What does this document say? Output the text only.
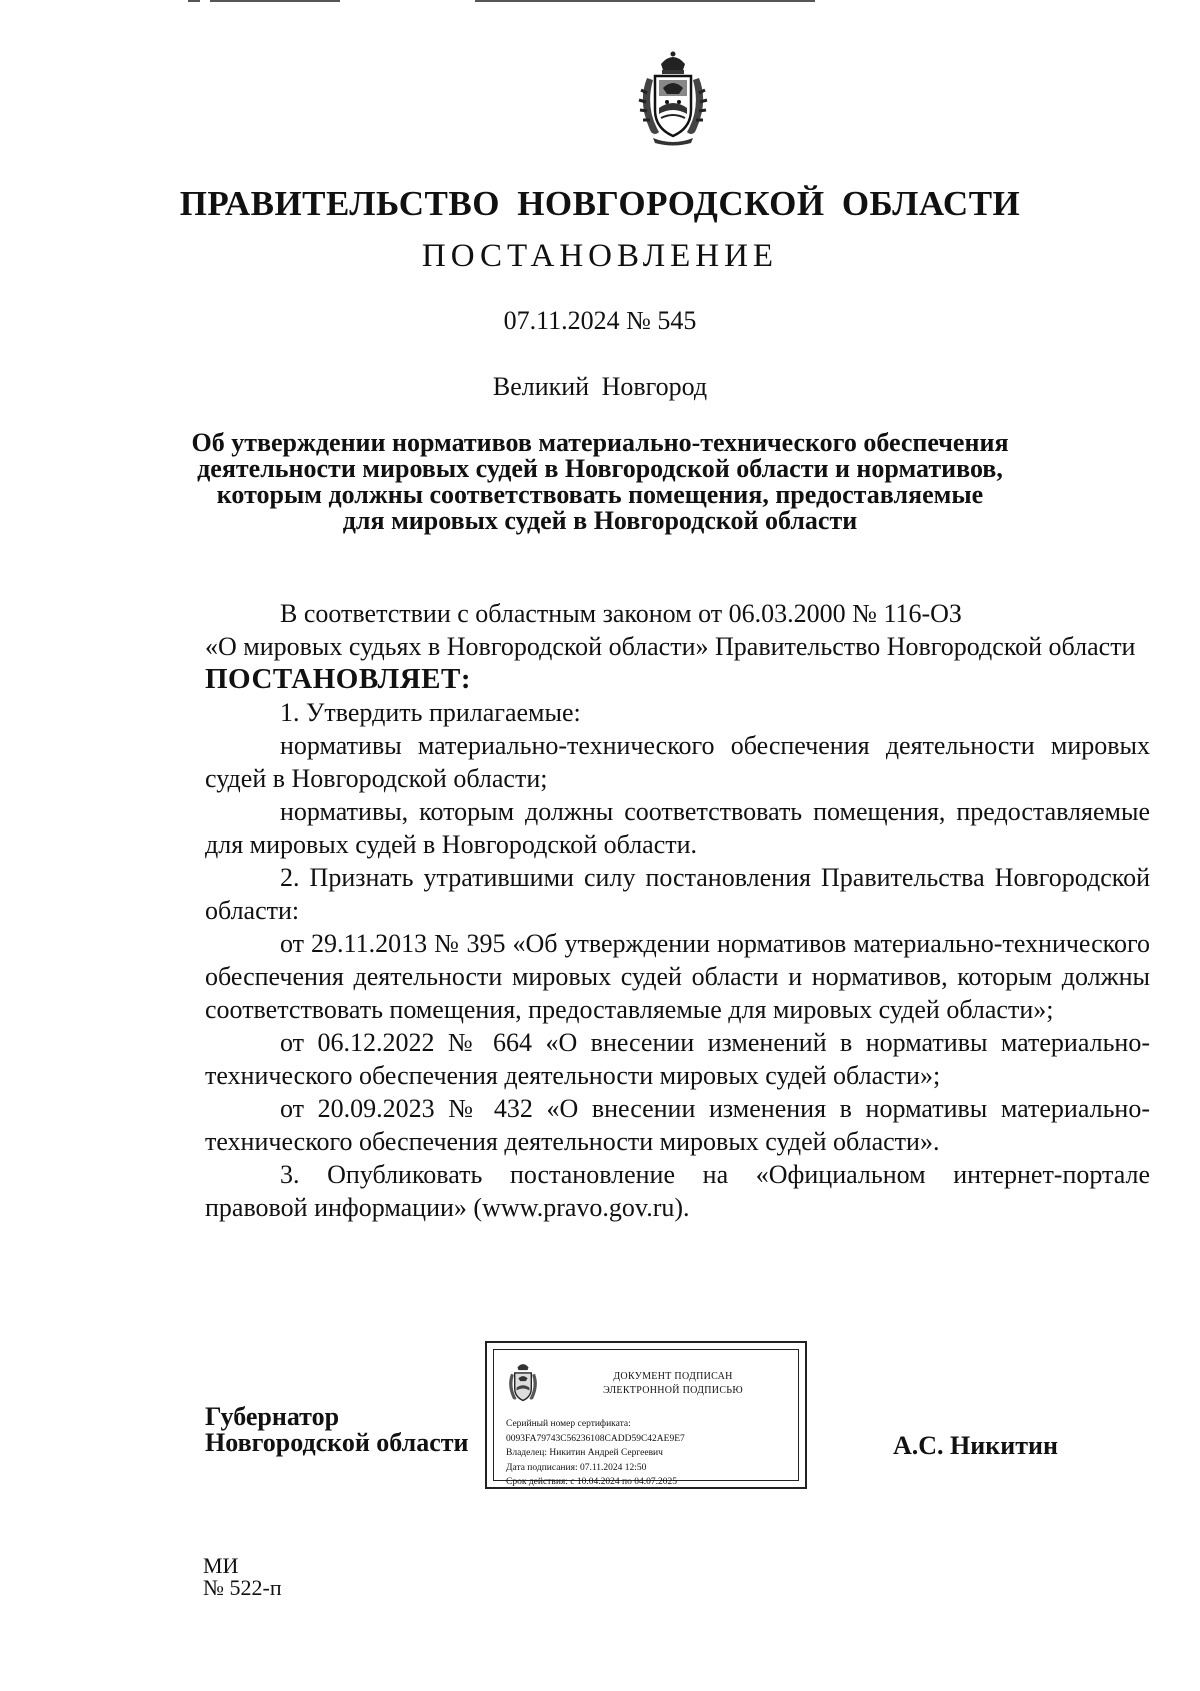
ПРАВИТЕЛЬСТВО НОВГОРОДСКОЙ ОБЛАСТИ
ПОСТАНОВЛЕНИЕ
07.11.2024 № 545
Великий Новгород
Об утверждении нормативов материально-технического обеспечения
деятельности мировых судей в Новгородской области и нормативов,
которым должны соответствовать помещения, предоставляемые
для мировых судей в Новгородской области

В соответствии с областным законом от 06.03.2000 № 116-ОЗ

«О мировых судьях в Новгородской области» Правительство Новгородской области

ПОСТАНОВЛЯЕТ:

1. Утвердить прилагаемые:

нормативы материально-технического обеспечения деятельности мировых судей в Новгородской области;

нормативы, которым должны соответствовать помещения, предоставляемые для мировых судей в Новгородской области.

2. Признать утратившими силу постановления Правительства Новгородской области:

от 29.11.2013 № 395 «Об утверждении нормативов материально-технического обеспечения деятельности мировых судей области и нормативов, которым должны соответствовать помещения, предоставляемые для мировых судей области»;

от 06.12.2022 № 664 «О внесении изменений в нормативы материально-технического обеспечения деятельности мировых судей области»;

от 20.09.2023 № 432 «О внесении изменения в нормативы материально-технического обеспечения деятельности мировых судей области».

3. Опубликовать постановление на «Официальном интернет-портале правовой информации» (www.pravo.gov.ru).

Губернатор
Новгородской области
ДОКУМЕНТ ПОДПИСАН
ЭЛЕКТРОННОЙ ПОДПИСЬЮ
Серийный номер сертификата:
0093FA79743C56236108CADD59C42AE9E7
Владелец: Никитин Андрей Сергеевич
Дата подписания: 07.11.2024 12:50
Срок действия: с 10.04.2024 по 04.07.2025
А.С. Никитин
МИ
№ 522-п
